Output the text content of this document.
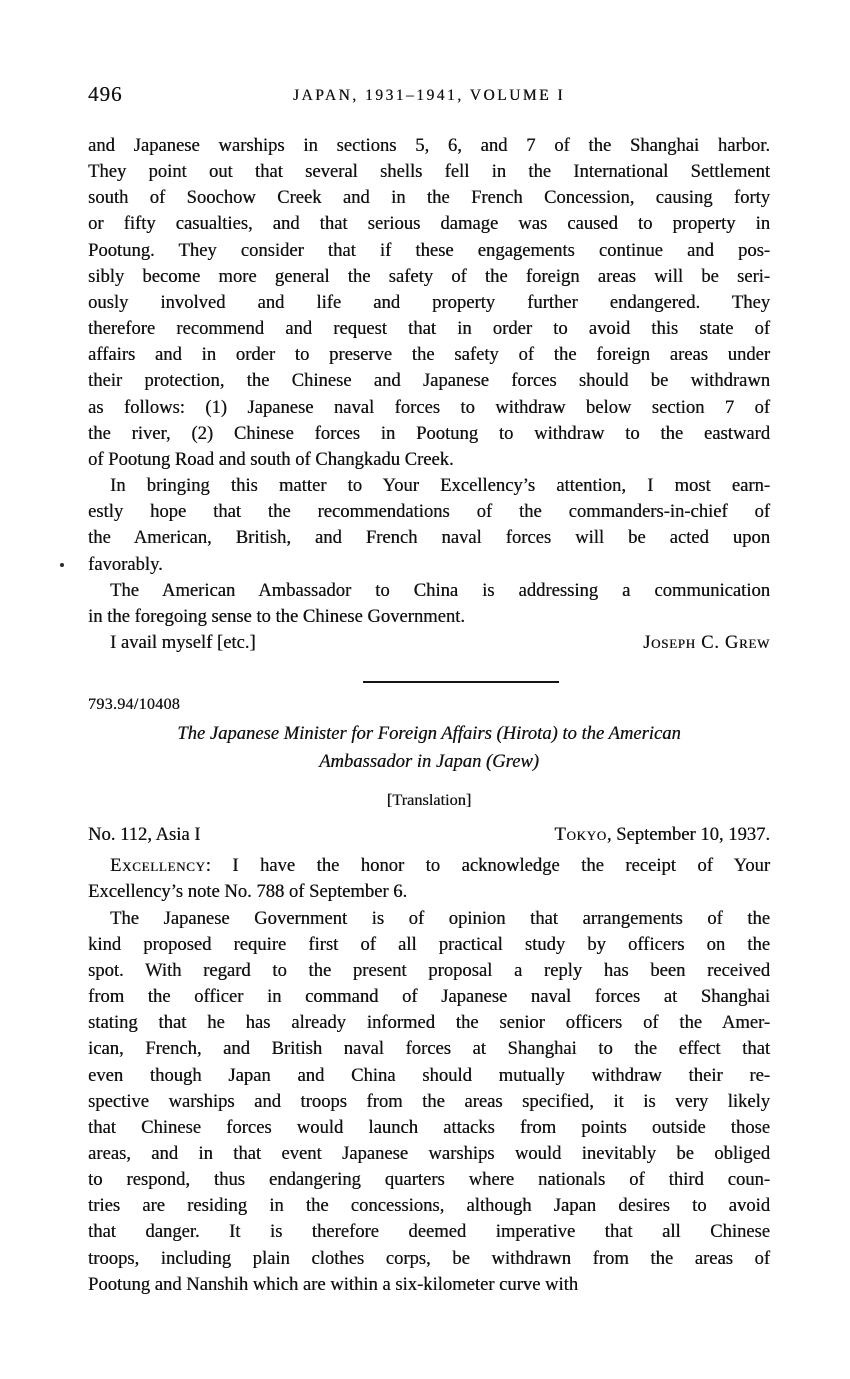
496	JAPAN, 1931–1941, VOLUME I
and Japanese warships in sections 5, 6, and 7 of the Shanghai harbor.
They point out that several shells fell in the International Settlement
south of Soochow Creek and in the French Concession, causing forty
or fifty casualties, and that serious damage was caused to property in
Pootung. They consider that if these engagements continue and pos-
sibly become more general the safety of the foreign areas will be seri-
ously involved and life and property further endangered. They
therefore recommend and request that in order to avoid this state of
affairs and in order to preserve the safety of the foreign areas under
their protection, the Chinese and Japanese forces should be withdrawn
as follows: (1) Japanese naval forces to withdraw below section 7 of
the river, (2) Chinese forces in Pootung to withdraw to the eastward
of Pootung Road and south of Changkadu Creek.
In bringing this matter to Your Excellency’s attention, I most earn-
estly hope that the recommendations of the commanders-in-chief of
the American, British, and French naval forces will be acted upon
favorably.
The American Ambassador to China is addressing a communication
in the foregoing sense to the Chinese Government.
I avail myself [etc.]	Joseph C. Grew
793.94/10408
The Japanese Minister for Foreign Affairs (Hirota) to the American
Ambassador in Japan (Grew)
[Translation]
No. 112, Asia I	Tokyo, September 10, 1937.
Excellency: I have the honor to acknowledge the receipt of Your
Excellency’s note No. 788 of September 6.
The Japanese Government is of opinion that arrangements of the
kind proposed require first of all practical study by officers on the
spot. With regard to the present proposal a reply has been received
from the officer in command of Japanese naval forces at Shanghai
stating that he has already informed the senior officers of the Amer-
ican, French, and British naval forces at Shanghai to the effect that
even though Japan and China should mutually withdraw their re-
spective warships and troops from the areas specified, it is very likely
that Chinese forces would launch attacks from points outside those
areas, and in that event Japanese warships would inevitably be obliged
to respond, thus endangering quarters where nationals of third coun-
tries are residing in the concessions, although Japan desires to avoid
that danger. It is therefore deemed imperative that all Chinese
troops, including plain clothes corps, be withdrawn from the areas of
Pootung and Nanshih which are within a six-kilometer curve with
